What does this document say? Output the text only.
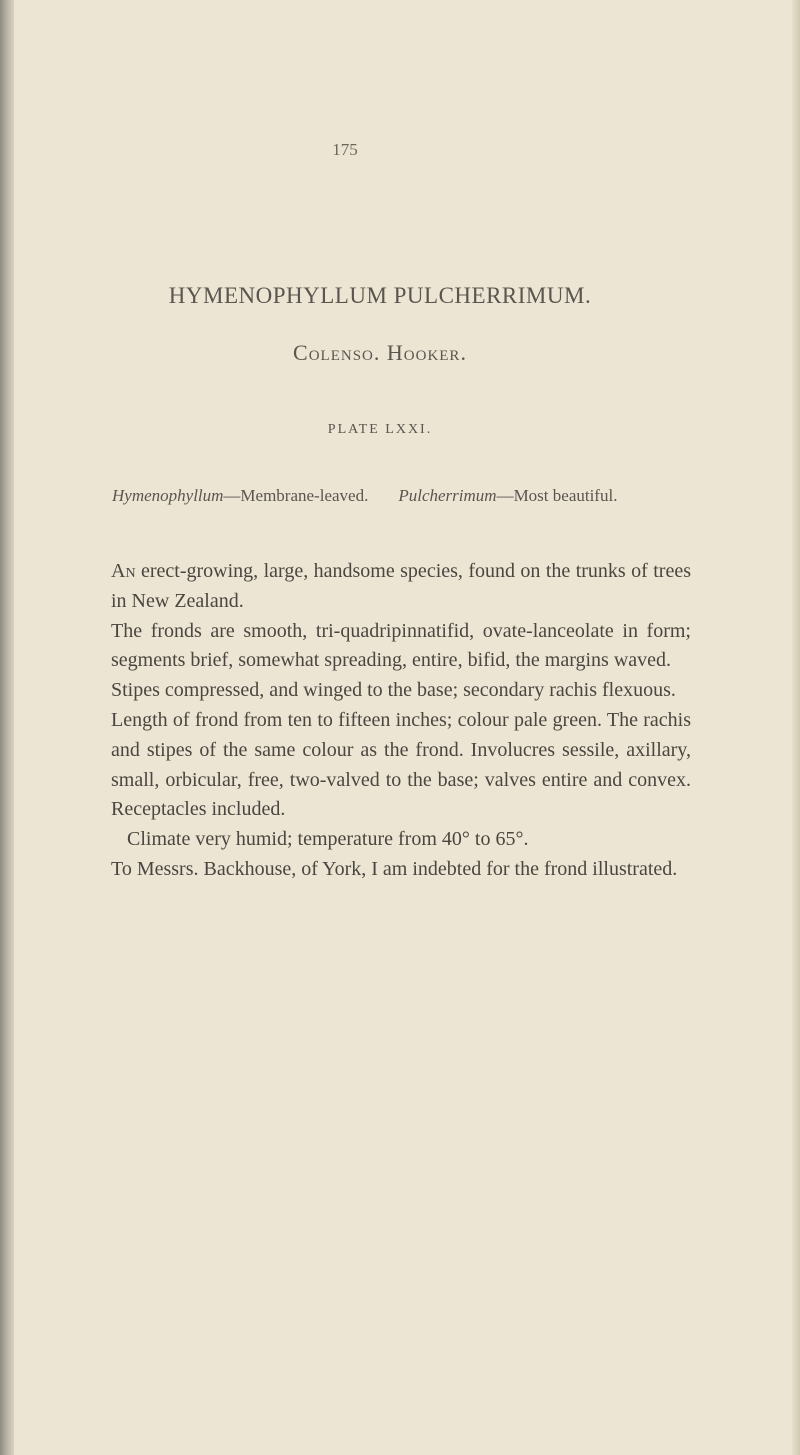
175
HYMENOPHYLLUM PULCHERRIMUM.
Colenso. Hooker.
PLATE LXXI.
Hymenophyllum—Membrane-leaved. Pulcherrimum—Most beautiful.

An erect-growing, large, handsome species, found on the trunks of trees in New Zealand.

The fronds are smooth, tri-quadripinnatifid, ovate-lanceolate in form; segments brief, somewhat spreading, entire, bifid, the margins waved.

Stipes compressed, and winged to the base; secondary rachis flexuous.

Length of frond from ten to fifteen inches; colour pale green. The rachis and stipes of the same colour as the frond. Involucres sessile, axillary, small, orbicular, free, two-valved to the base; valves entire and convex. Receptacles included.

Climate very humid; temperature from 40° to 65°.

To Messrs. Backhouse, of York, I am indebted for the frond illustrated.
